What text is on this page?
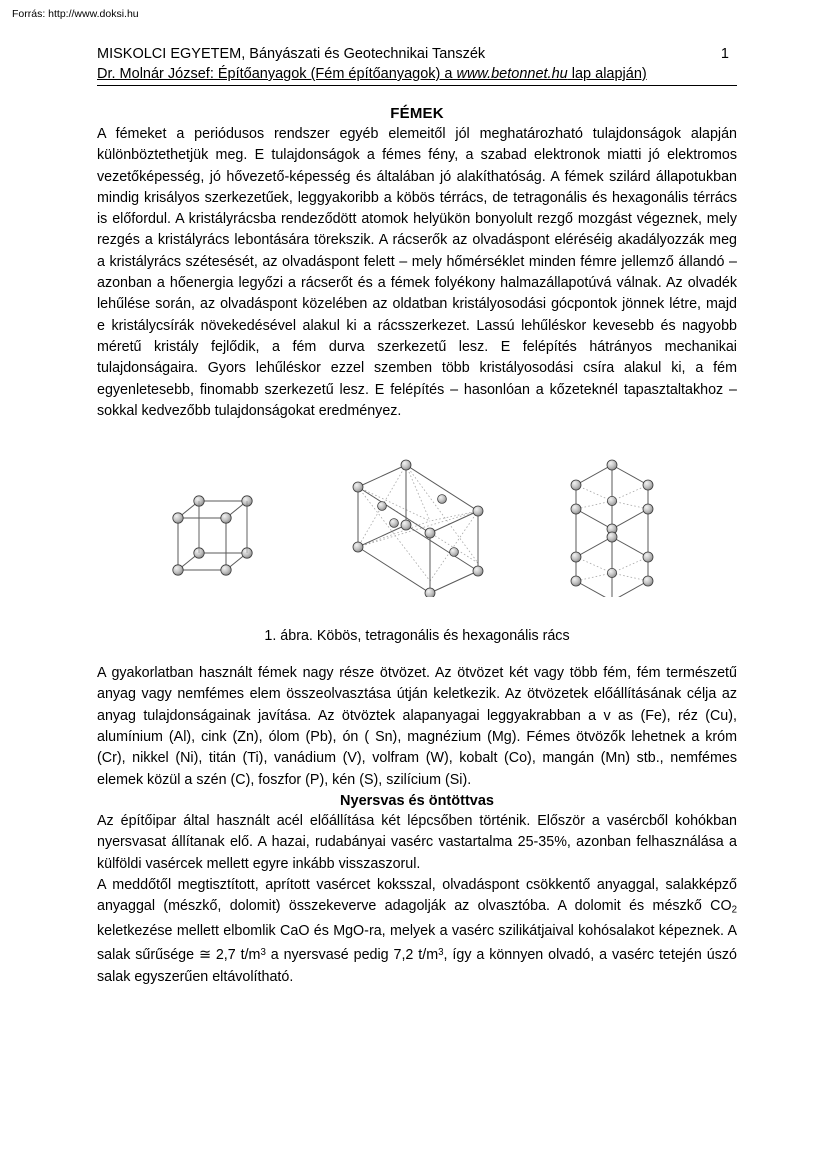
Forrás: http://www.doksi.hu
MISKOLCI EGYETEM, Bányászati és Geotechnikai Tanszék	1
Dr. Molnár József: Építőanyagok (Fém építőanyagok) a www.betonnet.hu lap alapján)
FÉMEK

A fémeket a periódusos rendszer egyéb elemeitől jól meghatározható tulajdonságok alapján különböztethetjük meg. E tulajdonságok a fémes fény, a szabad elektronok miatti jó elektromos vezetőképesség, jó hővezető-képesség és általában jó alakíthatóság. A fémek szilárd állapotukban mindig krisályos szerkezetűek, leggyakoribb a köbös térrács, de tetragonális és hexagonális térrács is előfordul. A kristályrácsba rendeződött atomok helyükön bonyolult rezgő mozgást végeznek, mely rezgés a kristályrács lebontására törekszik. A rácserők az olvadáspont eléréséig akadályozzák meg a kristályrács szétesését, az olvadáspont felett – mely hőmérséklet minden fémre jellemző állandó – azonban a hőenergia legyőzi a rácserőt és a fémek folyékony halmazállapotúvá válnak. Az olvadék lehűlése során, az olvadáspont közelében az oldatban kristályosodási gócpontok jönnek létre, majd e kristálycsírák növekedésével alakul ki a rácsszerkezet. Lassú lehűléskor kevesebb és nagyobb méretű kristály fejlődik, a fém durva szerkezetű lesz. E felépítés hátrányos mechanikai tulajdonságaira. Gyors lehűléskor ezzel szemben több kristályosodási csíra alakul ki, a fém egyenletesebb, finomabb szerkezetű lesz. E felépítés – hasonlóan a kőzeteknél tapasztaltakhoz – sokkal kedvezőbb tulajdonságokat eredményez.

1. ábra. Köbös, tetragonális és hexagonális rács

A gyakorlatban használt fémek nagy része ötvözet. Az ötvözet két vagy több fém, fém természetű anyag vagy nemfémes elem összeolvasztása útján keletkezik. Az ötvözetek előállításának célja az anyag tulajdonságainak javítása. Az ötvöztek alapanyagai leggyakrabban a v as (Fe), réz (Cu), alumínium (Al), cink (Zn), ólom (Pb), ón ( Sn), magnézium (Mg). Fémes ötvözők lehetnek a króm (Cr), nikkel (Ni), titán (Ti), vanádium (V), volfram (W), kobalt (Co), mangán (Mn) stb., nemfémes elemek közül a szén (C), foszfor (P), kén (S), szilícium (Si).

Nyersvas és öntöttvas

Az építőipar által használt acél előállítása két lépcsőben történik. Először a vasércből kohókban nyersvasat állítanak elő. A hazai, rudabányai vasérc vastartalma 25-35%, azonban felhasználása a külföldi vasércek mellett egyre inkább visszaszorul.

A meddőtől megtisztított, aprított vasércet koksszal, olvadáspont csökkentő anyaggal, salakképző anyaggal (mészkő, dolomit) összekeverve adagolják az olvasztóba. A dolomit és mészkő $CO_2$ keletkezése mellett elbomlik CaO és MgO-ra, melyek a vasérc szilikátjaival kohósalakot képeznek. A salak sűrűsége ≅ 2,7 $t/m^3$ a nyersvasé pedig 7,2 $t/m^3$, így a könnyen olvadó, a vasérc tetején úszó salak egyszerűen eltávolítható.
